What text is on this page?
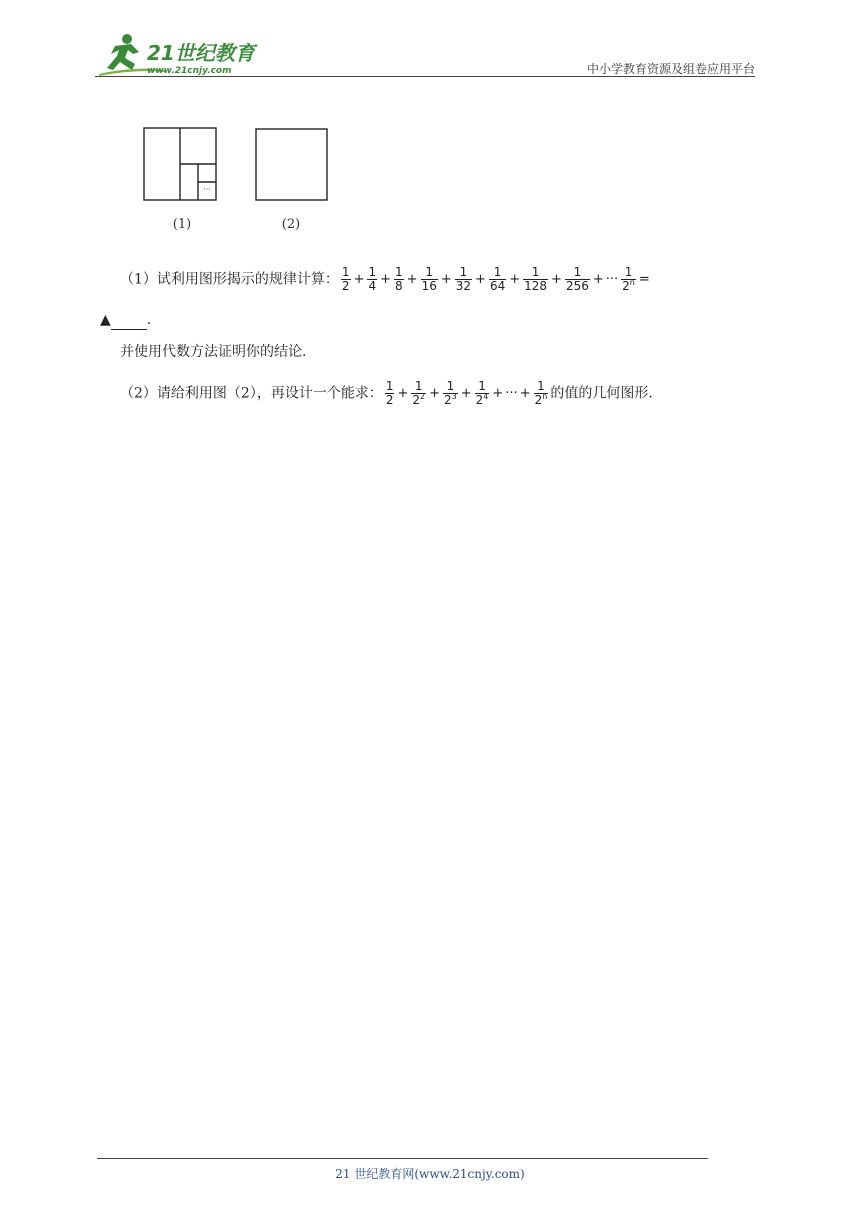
21世纪教育
www.21cnjy.com	中小学教育资源及组卷应用平台
···
(1)	(2)
（1）试利用图形揭示的规律计算： $\frac{1}{2} + \frac{1}{4} + \frac{1}{8} + \frac{1}{16} + \frac{1}{32} + \frac{1}{64} + \frac{1}{128} + \frac{1}{256}$ + ··· $\frac{1}{2^n}$ =
▲	.
并使用代数方法证明你的结论.
（2）请给利用图（2），再设计一个能求： $\frac{1}{2} + \frac{1}{2^2} + \frac{1}{2^3} + \frac{1}{2^4}$ + ··· + $\frac{1}{2^n}$ 的值的几何图形.
21 世纪教育网(www.21cnjy.com)
